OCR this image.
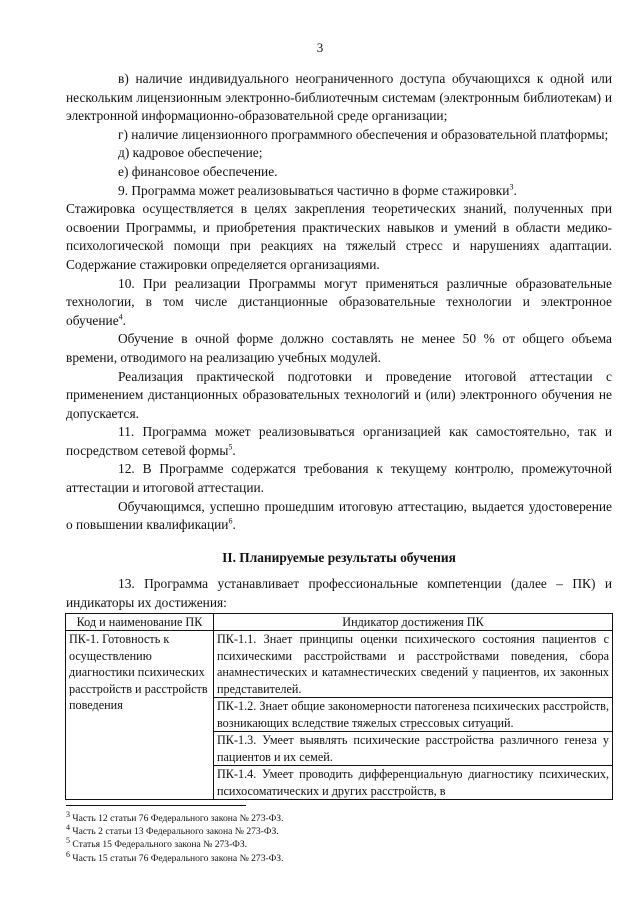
3

в) наличие индивидуального неограниченного доступа обучающихся к одной или нескольким лицензионным электронно-библиотечным системам (электронным библиотекам) и электронной информационно-образовательной среде организации;

г) наличие лицензионного программного обеспечения и образовательной платформы;

д) кадровое обеспечение;

е) финансовое обеспечение.

9. Программа может реализовываться частично в форме стажировки$^3$.

Стажировка осуществляется в целях закрепления теоретических знаний, полученных при освоении Программы, и приобретения практических навыков и умений в области медико-психологической помощи при реакциях на тяжелый стресс и нарушениях адаптации. Содержание стажировки определяется организациями.

10. При реализации Программы могут применяться различные образовательные технологии, в том числе дистанционные образовательные технологии и электронное обучение$^4$.

Обучение в очной форме должно составлять не менее 50 % от общего объема времени, отводимого на реализацию учебных модулей.

Реализация практической подготовки и проведение итоговой аттестации с применением дистанционных образовательных технологий и (или) электронного обучения не допускается.

11. Программа может реализовываться организацией как самостоятельно, так и посредством сетевой формы$^5$.

12. В Программе содержатся требования к текущему контролю, промежуточной аттестации и итоговой аттестации.

Обучающимся, успешно прошедшим итоговую аттестацию, выдается удостоверение о повышении квалификации$^6$.

II. Планируемые результаты обучения

13. Программа устанавливает профессиональные компетенции (далее – ПК) и индикаторы их достижения:

Код и наименование ПК	Индикатор достижения ПК
ПК-1. Готовность к осуществлению диагностики психических расстройств и расстройств поведения	ПК-1.1. Знает принципы оценки психического состояния пациентов с психическими расстройствами и расстройствами поведения, сбора анамнестических и катамнестических сведений у пациентов, их законных представителей.
ПК-1.2. Знает общие закономерности патогенеза психических расстройств, возникающих вследствие тяжелых стрессовых ситуаций.
ПК-1.3. Умеет выявлять психические расстройства различного генеза у пациентов и их семей.
ПК-1.4. Умеет проводить дифференциальную диагностику психических, психосоматических и других расстройств, в
$^3$ Часть 12 статьи 76 Федерального закона № 273-ФЗ.
$^4$ Часть 2 статьи 13 Федерального закона № 273-ФЗ.
$^5$ Статья 15 Федерального закона № 273-ФЗ.
$^6$ Часть 15 статьи 76 Федерального закона № 273-ФЗ.
